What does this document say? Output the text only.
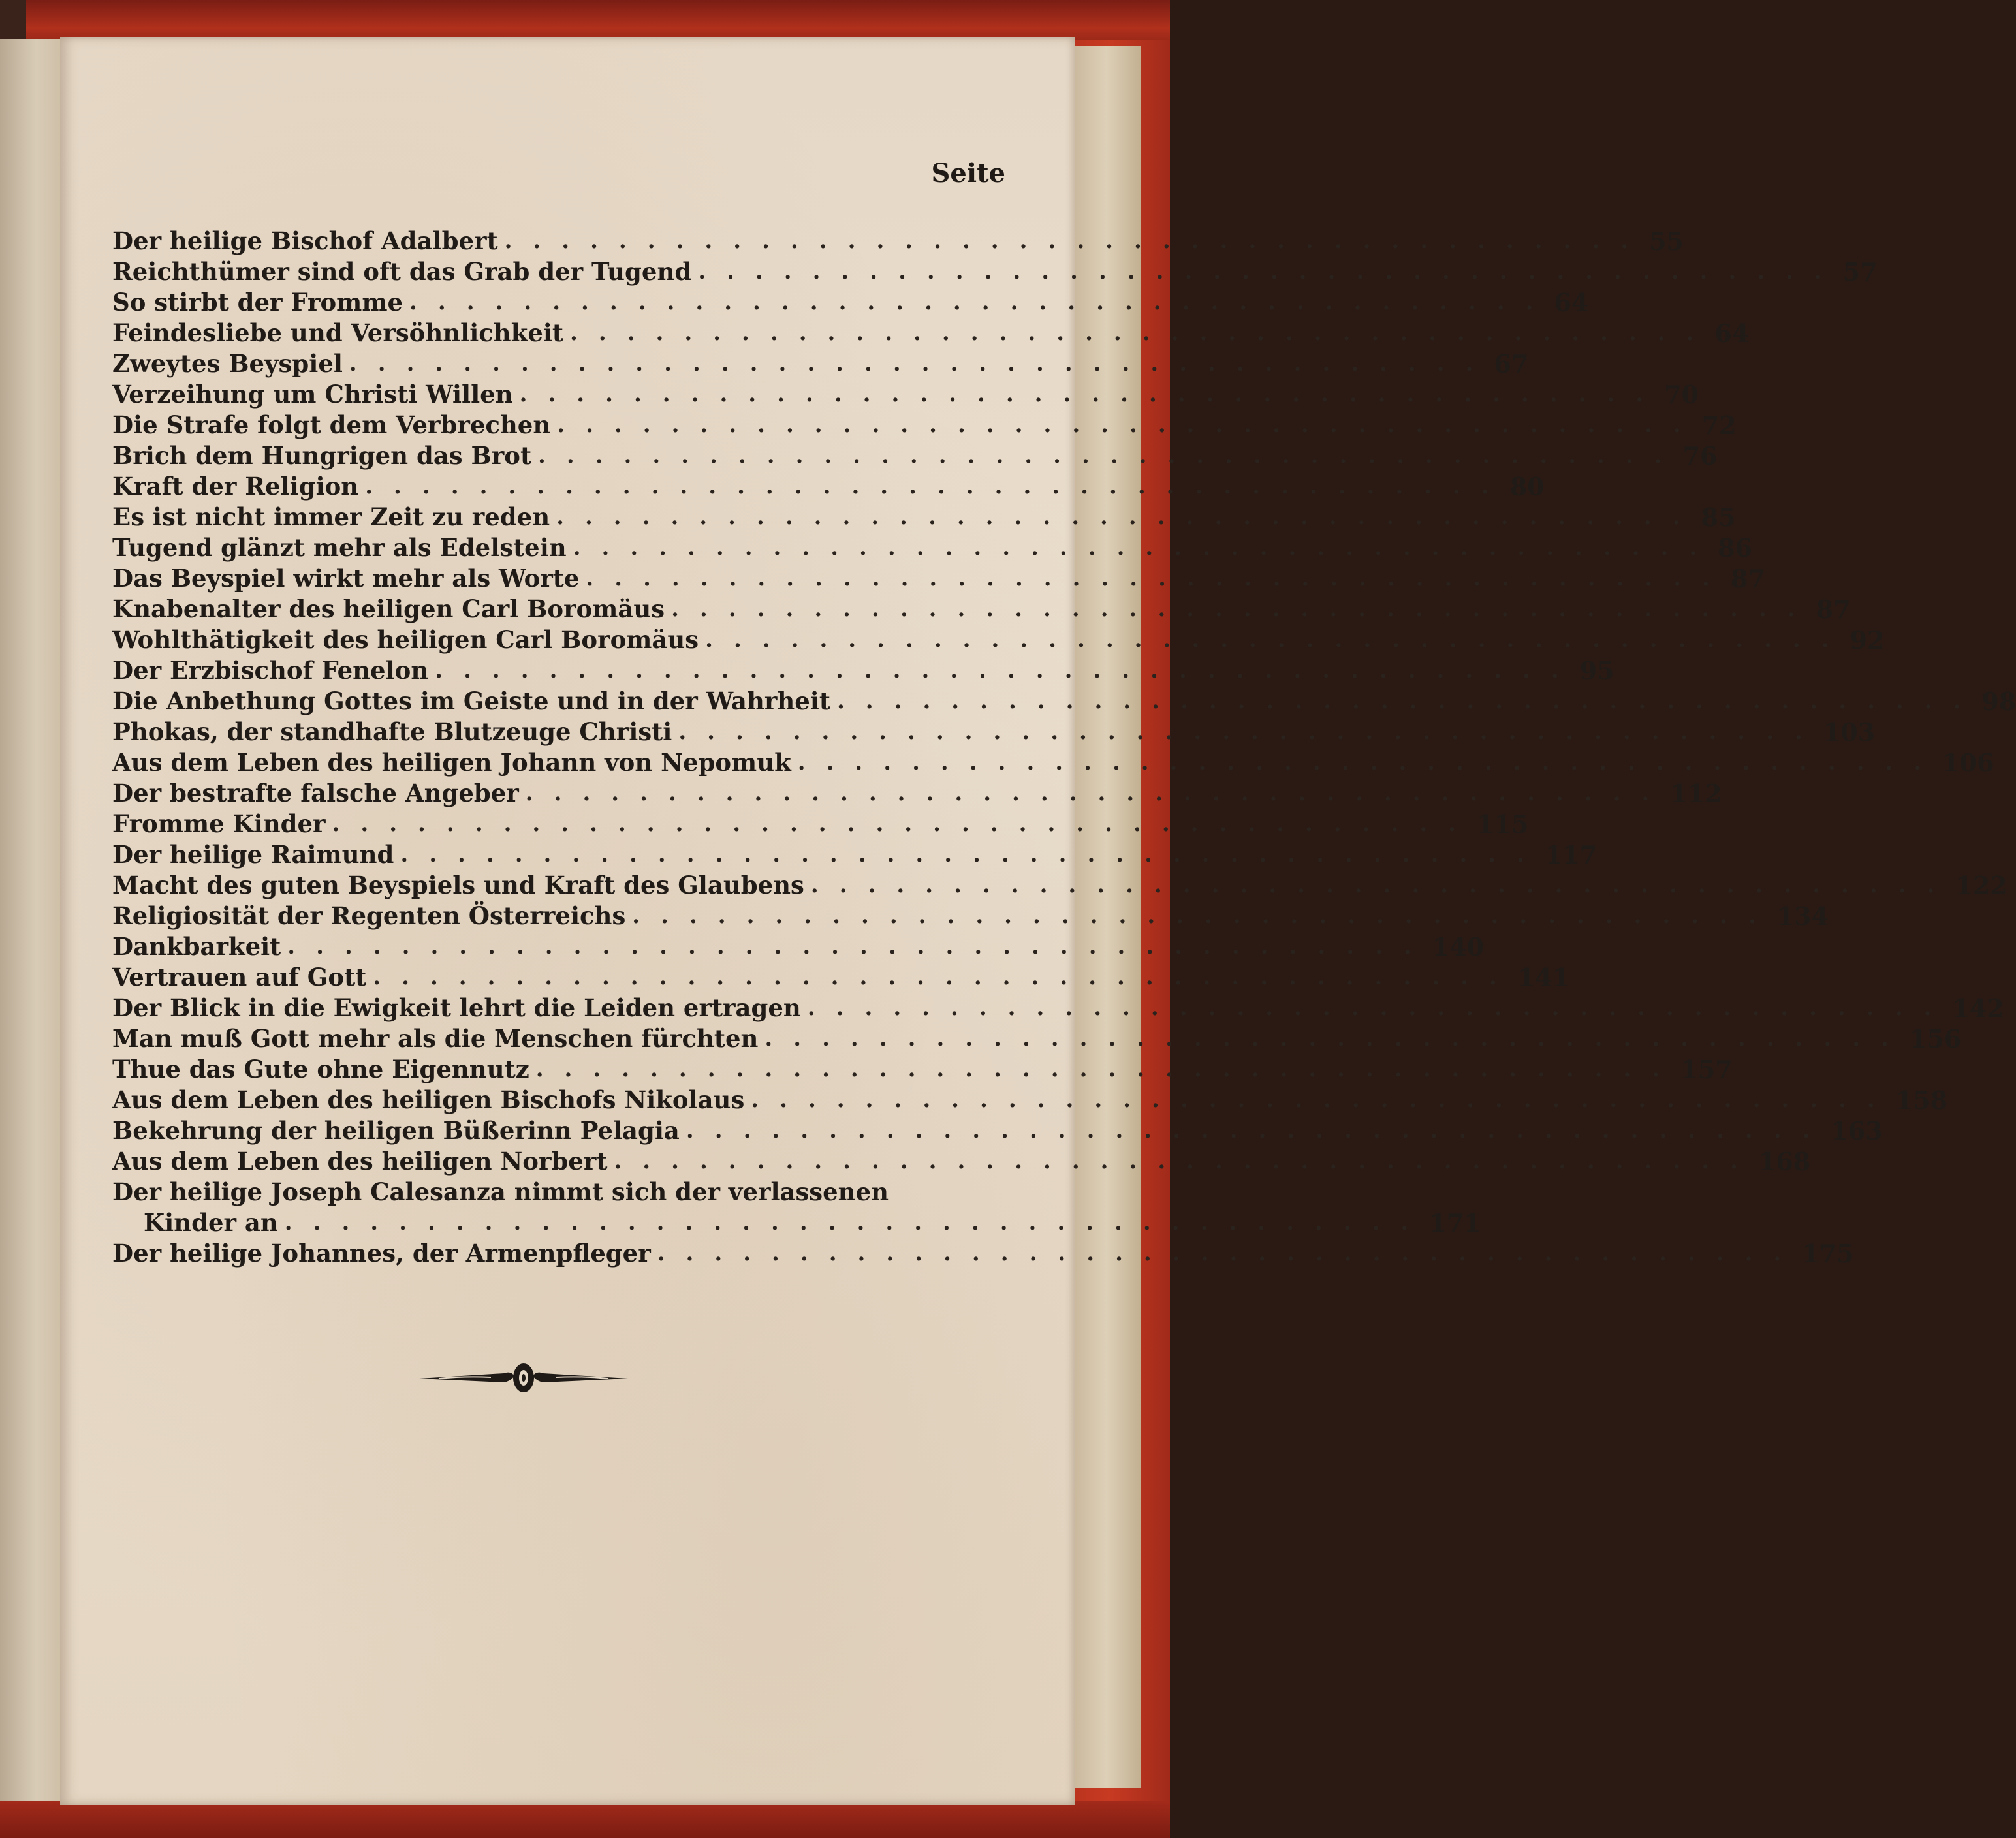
Seite
Der heilige Bischof Adalbert ........................................ 55
Reichthümer sind oft das Grab der Tugend ........................................ 57
So stirbt der Fromme ........................................ 64
Feindesliebe und Versöhnlichkeit ........................................ 64
Zweytes Beyspiel ........................................ 67
Verzeihung um Christi Willen ........................................ 70
Die Strafe folgt dem Verbrechen ........................................ 72
Brich dem Hungrigen das Brot ........................................ 76
Kraft der Religion ........................................ 80
Es ist nicht immer Zeit zu reden ........................................ 85
Tugend glänzt mehr als Edelstein ........................................ 86
Das Beyspiel wirkt mehr als Worte ........................................ 87
Knabenalter des heiligen Carl Boromäus ........................................ 87
Wohlthätigkeit des heiligen Carl Boromäus ........................................ 92
Der Erzbischof Fenelon ........................................ 95
Die Anbethung Gottes im Geiste und in der Wahrheit ........................................ 98
Phokas, der standhafte Blutzeuge Christi ........................................ 103
Aus dem Leben des heiligen Johann von Nepomuk ........................................ 106
Der bestrafte falsche Angeber ........................................ 112
Fromme Kinder ........................................ 115
Der heilige Raimund ........................................ 117
Macht des guten Beyspiels und Kraft des Glaubens ........................................ 122
Religiosität der Regenten Österreichs ........................................ 134
Dankbarkeit ........................................ 140
Vertrauen auf Gott ........................................ 141
Der Blick in die Ewigkeit lehrt die Leiden ertragen ........................................ 142
Man muß Gott mehr als die Menschen fürchten ........................................ 156
Thue das Gute ohne Eigennutz ........................................ 157
Aus dem Leben des heiligen Bischofs Nikolaus ........................................ 158
Bekehrung der heiligen Büßerinn Pelagia ........................................ 163
Aus dem Leben des heiligen Norbert ........................................ 168
Der heilige Joseph Calesanza nimmt sich der verlassenen
Kinder an ........................................ 171
Der heilige Johannes, der Armenpfleger ........................................ 175
